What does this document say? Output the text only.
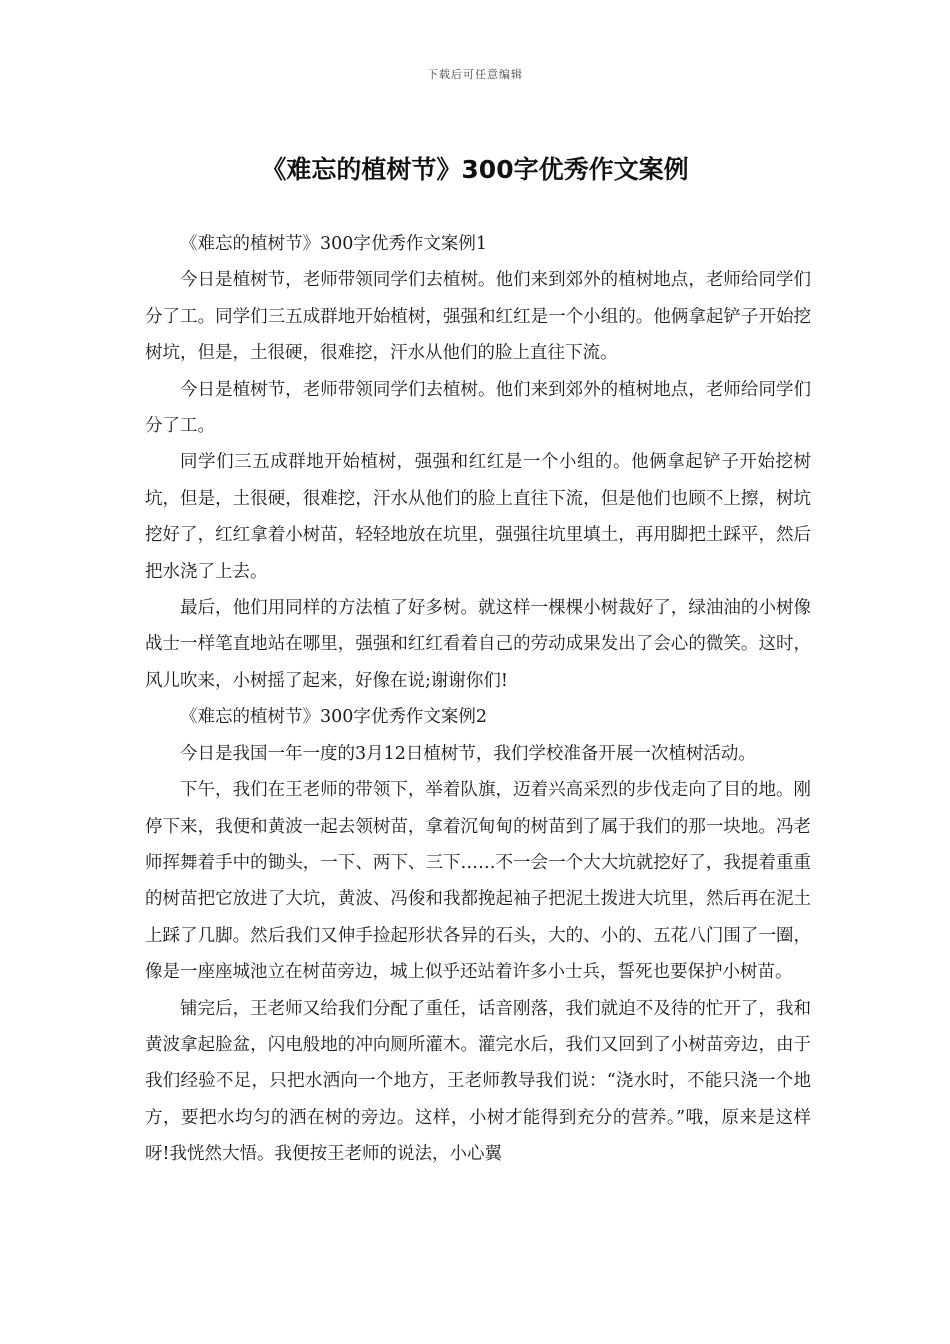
下载后可任意编辑
《难忘的植树节》300字优秀作文案例

《难忘的植树节》300字优秀作文案例1

今日是植树节，老师带领同学们去植树。他们来到郊外的植树地点，老师给同学们分了工。同学们三五成群地开始植树，强强和红红是一个小组的。他俩拿起铲子开始挖树坑，但是，土很硬，很难挖，汗水从他们的脸上直往下流。

今日是植树节，老师带领同学们去植树。他们来到郊外的植树地点，老师给同学们分了工。

同学们三五成群地开始植树，强强和红红是一个小组的。他俩拿起铲子开始挖树坑，但是，土很硬，很难挖，汗水从他们的脸上直往下流，但是他们也顾不上擦，树坑挖好了，红红拿着小树苗，轻轻地放在坑里，强强往坑里填土，再用脚把土踩平，然后把水浇了上去。

最后，他们用同样的方法植了好多树。就这样一棵棵小树裁好了，绿油油的小树像战士一样笔直地站在哪里，强强和红红看着自己的劳动成果发出了会心的微笑。这时，风儿吹来，小树摇了起来，好像在说;谢谢你们!

《难忘的植树节》300字优秀作文案例2

今日是我国一年一度的3月12日植树节，我们学校准备开展一次植树活动。

下午，我们在王老师的带领下，举着队旗，迈着兴高采烈的步伐走向了目的地。刚停下来，我便和黄波一起去领树苗，拿着沉甸甸的树苗到了属于我们的那一块地。冯老师挥舞着手中的锄头，一下、两下、三下……不一会一个大大坑就挖好了，我提着重重的树苗把它放进了大坑，黄波、冯俊和我都挽起袖子把泥土拨进大坑里，然后再在泥土上踩了几脚。然后我们又伸手捡起形状各异的石头，大的、小的、五花八门围了一圈，像是一座座城池立在树苗旁边，城上似乎还站着许多小士兵，誓死也要保护小树苗。

铺完后，王老师又给我们分配了重任，话音刚落，我们就迫不及待的忙开了，我和黄波拿起脸盆，闪电般地的冲向厕所灌木。灌完水后，我们又回到了小树苗旁边，由于我们经验不足，只把水洒向一个地方，王老师教导我们说：“浇水时，不能只浇一个地方，要把水均匀的洒在树的旁边。这样，小树才能得到充分的营养。”哦，原来是这样呀!我恍然大悟。我便按王老师的说法，小心翼
